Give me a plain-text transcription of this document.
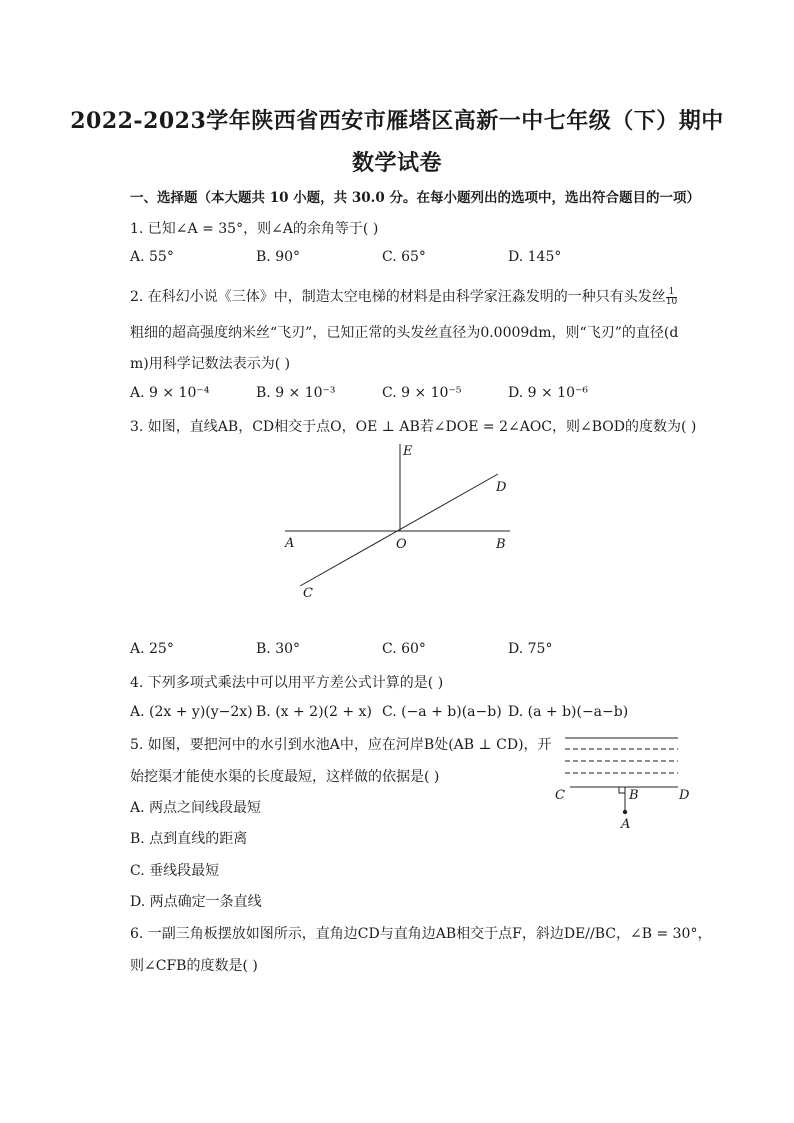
2022-2023学年陕西省西安市雁塔区高新一中七年级（下）期中
数学试卷
一、选择题（本大题共 10 小题，共 30.0 分。在每小题列出的选项中，选出符合题目的一项）
1. 已知∠A = 35°，则∠A的余角等于( )
A. 55°	B. 90°	C. 65°	D. 145°
2. 在科幻小说《三体》中，制造太空电梯的材料是由科学家汪淼发明的一种只有头发丝 $\frac{1}{10}$
粗细的超高强度纳米丝“飞刃”，已知正常的头发丝直径为0.0009dm，则“飞刃”的直径(d
m)用科学记数法表示为( )
A. 9 × 10⁻⁴	B. 9 × 10⁻³	C. 9 × 10⁻⁵	D. 9 × 10⁻⁶
3. 如图，直线AB，CD相交于点O，OE ⊥ AB若∠DOE = 2∠AOC，则∠BOD的度数为( )
E
D
A	O	B
C
A. 25°	B. 30°	C. 60°	D. 75°
4. 下列多项式乘法中可以用平方差公式计算的是( )
A. (2x + y)(y−2x) B. (x + 2)(2 + x) C. (−a + b)(a−b) D. (a + b)(−a−b)
5. 如图，要把河中的水引到水池A中，应在河岸B处(AB ⊥ CD)，开
始挖渠才能使水渠的长度最短，这样做的依据是( )
C	B	D
A
A. 两点之间线段最短
B. 点到直线的距离
C. 垂线段最短
D. 两点确定一条直线
6. 一副三角板摆放如图所示，直角边CD与直角边AB相交于点F，斜边DE//BC，∠B = 30°，
则∠CFB的度数是( )
